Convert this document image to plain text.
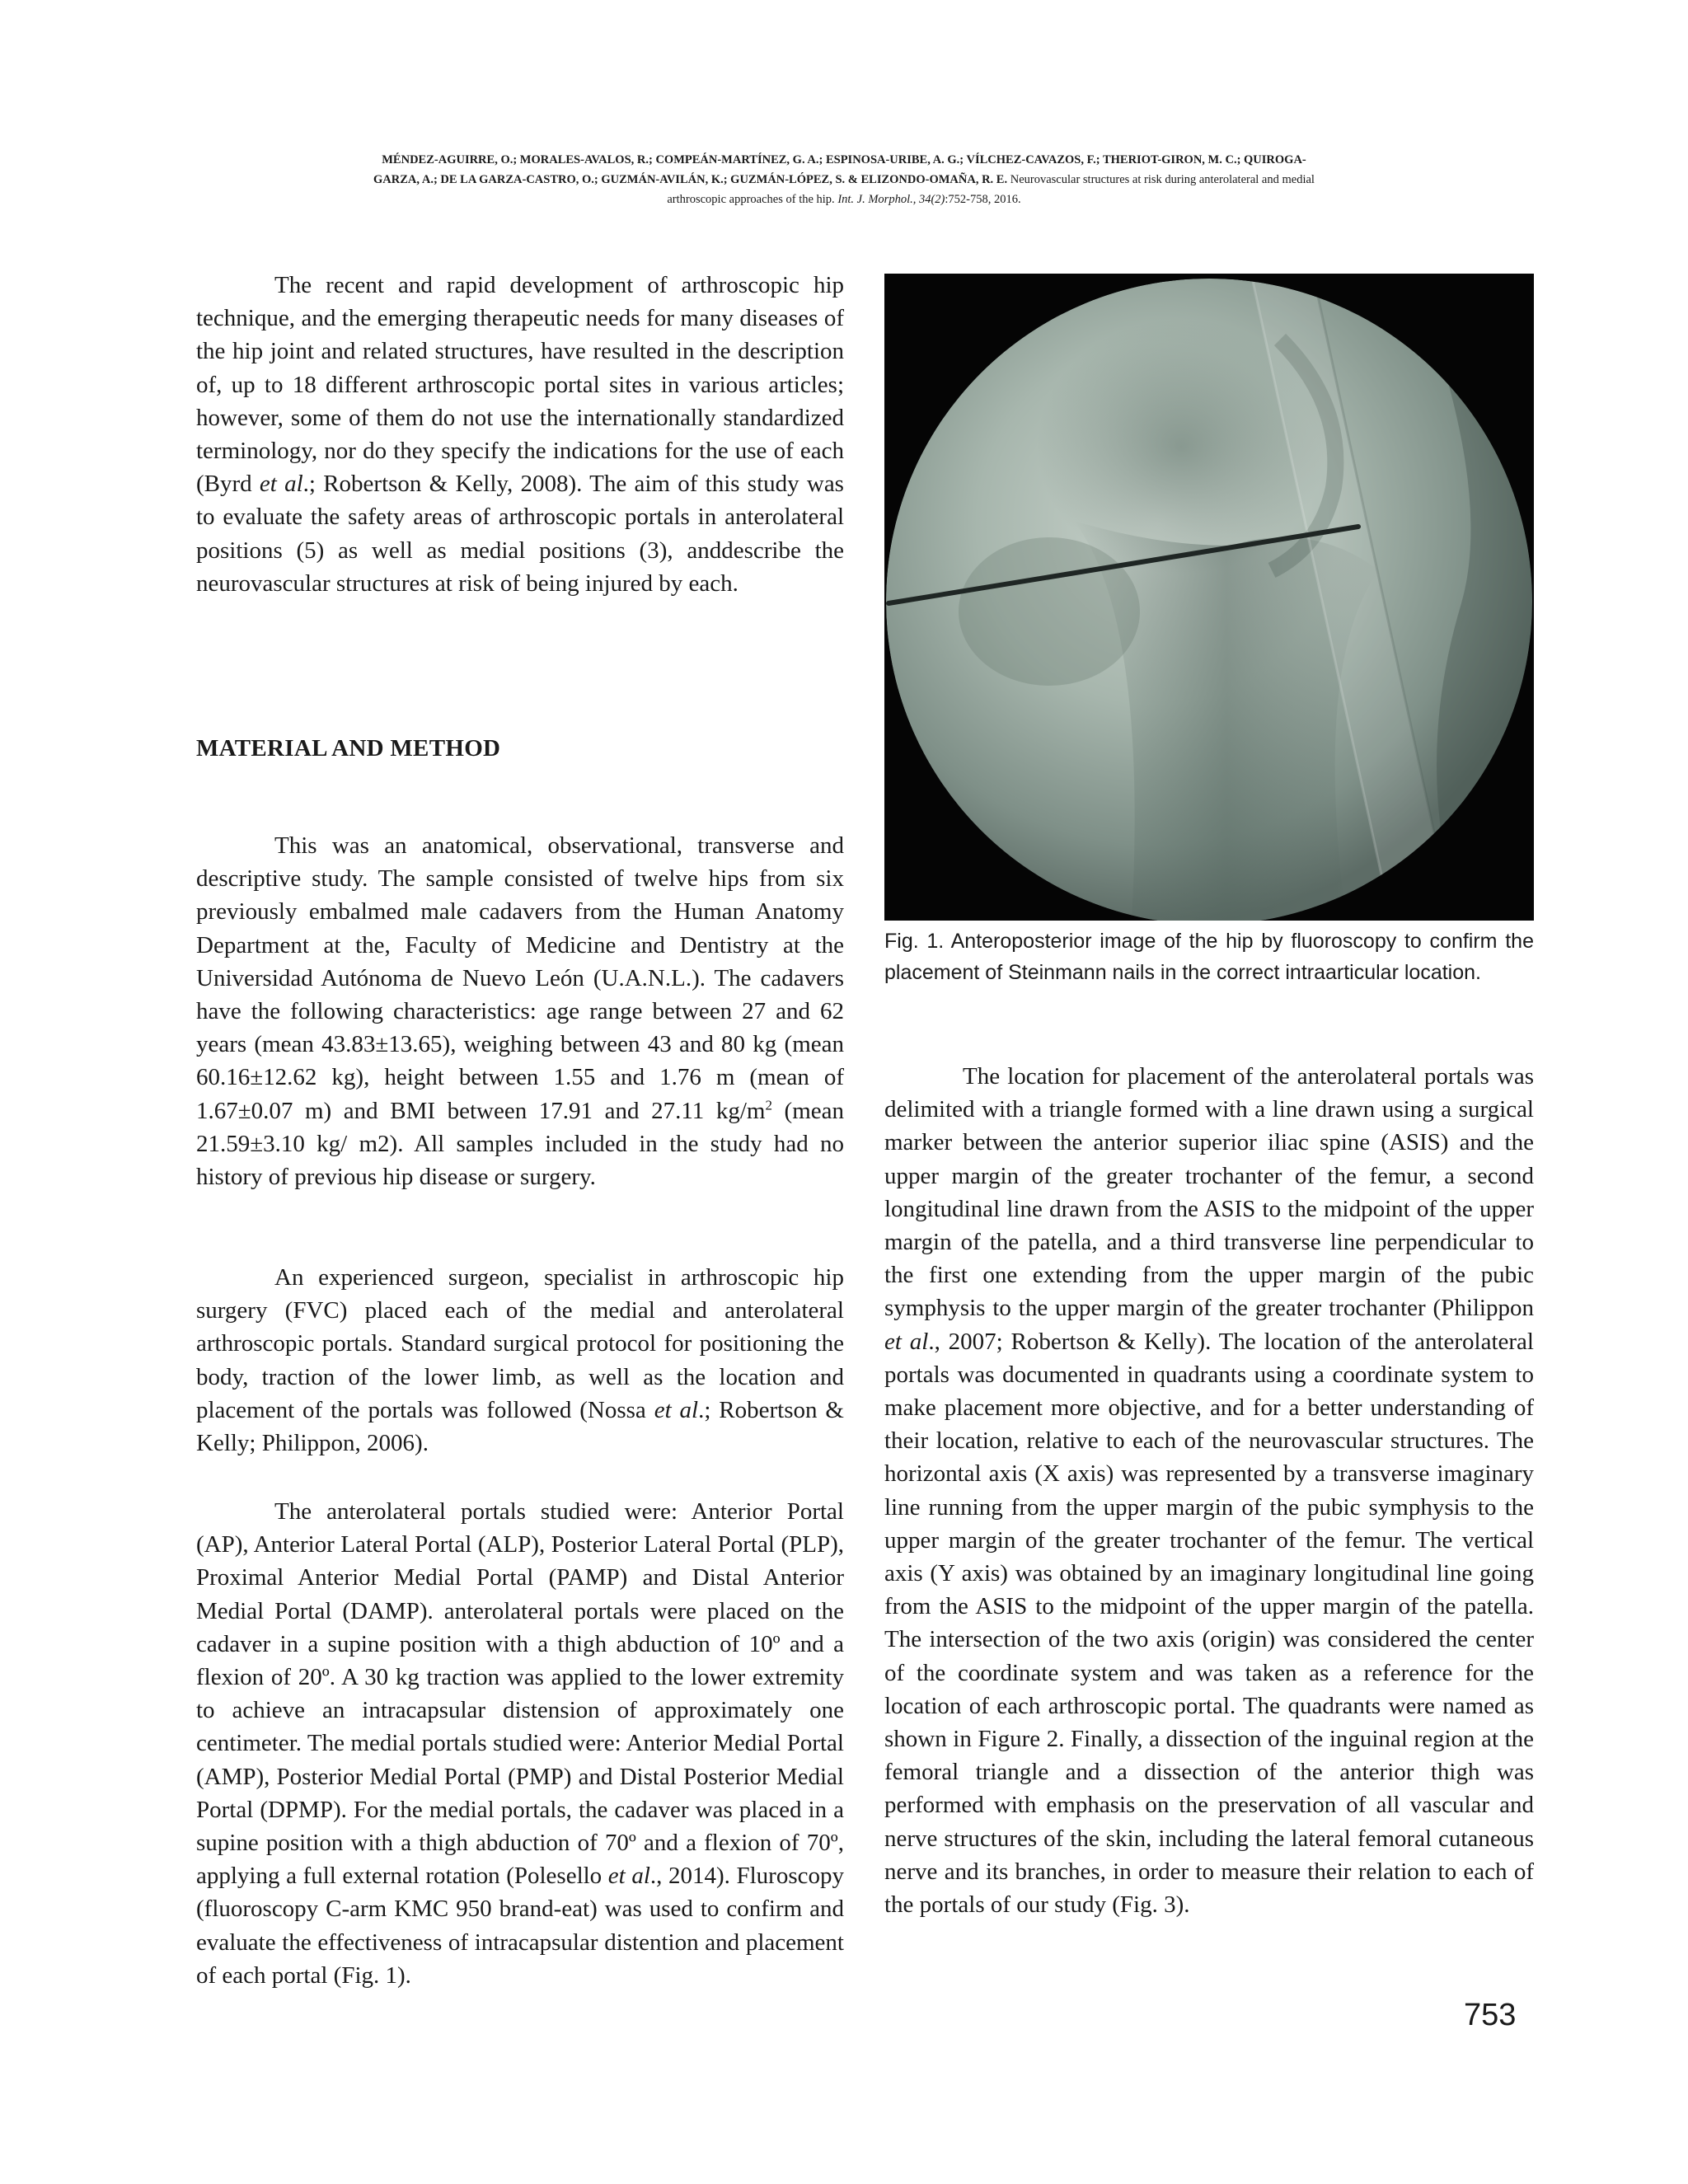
MÉNDEZ-AGUIRRE, O.; MORALES-AVALOS, R.; COMPEÁN-MARTÍNEZ, G. A.; ESPINOSA-URIBE, A. G.; VÍLCHEZ-CAVAZOS, F.; THERIOT-GIRON, M. C.; QUIROGA-
GARZA, A.; DE LA GARZA-CASTRO, O.; GUZMÁN-AVILÁN, K.; GUZMÁN-LÓPEZ, S. & ELIZONDO-OMAÑA, R. E. Neurovascular structures at risk during anterolateral and medial
arthroscopic approaches of the hip. Int. J. Morphol., 34(2):752-758, 2016.

The recent and rapid development of arthroscopic hip technique, and the emerging therapeutic needs for many diseases of the hip joint and related structures, have resulted in the description of, up to 18 different arthroscopic portal sites in various articles; however, some of them do not use the internationally standardized terminology, nor do they specify the indications for the use of each (Byrd et al.; Robertson & Kelly, 2008). The aim of this study was to evaluate the safety areas of arthroscopic portals in anterolateral positions (5) as well as medial positions (3), anddescribe the neurovascular structures at risk of being injured by each.

MATERIAL AND METHOD

This was an anatomical, observational, transverse and descriptive study. The sample consisted of twelve hips from six previously embalmed male cadavers from the Human Anatomy Department at the, Faculty of Medicine and Dentistry at the Universidad Autónoma de Nuevo León (U.A.N.L.). The cadavers have the following characteristics: age range between 27 and 62 years (mean 43.83±13.65), weighing between 43 and 80 kg (mean 60.16±12.62 kg), height between 1.55 and 1.76 m (mean of 1.67±0.07 m) and BMI between 17.91 and 27.11 $kg/m^2$ (mean 21.59±3.10 kg/ m2). All samples included in the study had no history of previous hip disease or surgery.

An experienced surgeon, specialist in arthroscopic hip surgery (FVC) placed each of the medial and anterolateral arthroscopic portals. Standard surgical protocol for positioning the body, traction of the lower limb, as well as the location and placement of the portals was followed (Nossa et al.; Robertson & Kelly; Philippon, 2006).

The anterolateral portals studied were: Anterior Portal (AP), Anterior Lateral Portal (ALP), Posterior Lateral Portal (PLP), Proximal Anterior Medial Portal (PAMP) and Distal Anterior Medial Portal (DAMP). anterolateral portals were placed on the cadaver in a supine position with a thigh abduction of 10º and a flexion of 20º. A 30 kg traction was applied to the lower extremity to achieve an intracapsular distension of approximately one centimeter. The medial portals studied were: Anterior Medial Portal (AMP), Posterior Medial Portal (PMP) and Distal Posterior Medial Portal (DPMP). For the medial portals, the cadaver was placed in a supine position with a thigh abduction of 70º and a flexion of 70º, applying a full external rotation (Polesello et al., 2014). Fluroscopy (fluoroscopy C-arm KMC 950 brand-eat) was used to confirm and evaluate the effectiveness of intracapsular distention and placement of each portal (Fig. 1).

Fig. 1. Anteroposterior image of the hip by fluoroscopy to confirm the placement of Steinmann nails in the correct intraarticular location.

The location for placement of the anterolateral portals was delimited with a triangle formed with a line drawn using a surgical marker between the anterior superior iliac spine (ASIS) and the upper margin of the greater trochanter of the femur, a second longitudinal line drawn from the ASIS to the midpoint of the upper margin of the patella, and a third transverse line perpendicular to the first one extending from the upper margin of the pubic symphysis to the upper margin of the greater trochanter (Philippon et al., 2007; Robertson & Kelly). The location of the anterolateral portals was documented in quadrants using a coordinate system to make placement more objective, and for a better understanding of their location, relative to each of the neurovascular structures. The horizontal axis (X axis) was represented by a transverse imaginary line running from the upper margin of the pubic symphysis to the upper margin of the greater trochanter of the femur. The vertical axis (Y axis) was obtained by an imaginary longitudinal line going from the ASIS to the midpoint of the upper margin of the patella. The intersection of the two axis (origin) was considered the center of the coordinate system and was taken as a reference for the location of each arthroscopic portal. The quadrants were named as shown in Figure 2. Finally, a dissection of the inguinal region at the femoral triangle and a dissection of the anterior thigh was performed with emphasis on the preservation of all vascular and nerve structures of the skin, including the lateral femoral cutaneous nerve and its branches, in order to measure their relation to each of the portals of our study (Fig. 3).

753
